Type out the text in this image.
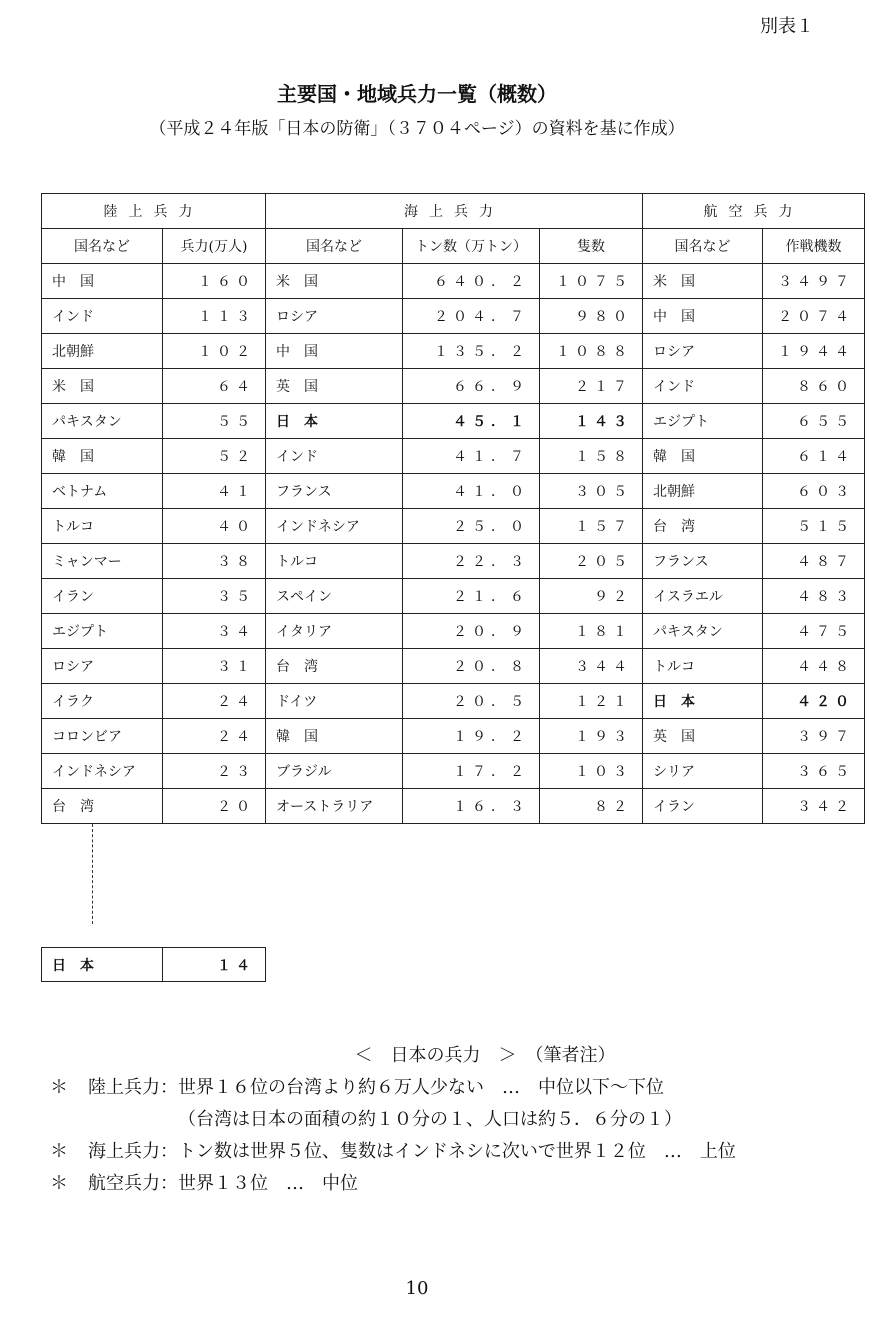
別表１
主要国・地域兵力一覧（概数）
（平成２４年版「日本の防衛」（３７０４ページ）の資料を基に作成）
陸上兵力		海上兵力			航空兵力	
国名など	兵力(万人)	国名など	トン数（万トン）	隻数	国名など	作戦機数
中　国	１６０	米　国	６４０．２	１０７５	米　国	３４９７
インド	１１３	ロシア	２０４．７	９８０	中　国	２０７４
北朝鮮	１０２	中　国	１３５．２	１０８８	ロシア	１９４４
米　国	６４	英　国	６６．９	２１７	インド	８６０
パキスタン	５５	日　本	４５．１	１４３	エジプト	６５５
韓　国	５２	インド	４１．７	１５８	韓　国	６１４
ベトナム	４１	フランス	４１．０	３０５	北朝鮮	６０３
トルコ	４０	インドネシア	２５．０	１５７	台　湾	５１５
ミャンマー	３８	トルコ	２２．３	２０５	フランス	４８７
イラン	３５	スペイン	２１．６	９２	イスラエル	４８３
エジプト	３４	イタリア	２０．９	１８１	パキスタン	４７５
ロシア	３１	台　湾	２０．８	３４４	トルコ	４４８
イラク	２４	ドイツ	２０．５	１２１	日　本	４２０
コロンビア	２４	韓　国	１９．２	１９３	英　国	３９７
インドネシア	２３	ブラジル	１７．２	１０３	シリア	３６５
台　湾	２０	オーストラリア	１６．３	８２	イラン	３４２
日　本	１４
＜　日本の兵力　＞　（筆者注）
＊	陸上兵力：世界１６位の台湾より約６万人少ない　…　中位以下～下位
（台湾は日本の面積の約１０分の１、人口は約５．６分の１）
＊	海上兵力：トン数は世界５位、隻数はインドネシに次いで世界１２位　…　上位
＊	航空兵力：世界１３位　…　中位
10
